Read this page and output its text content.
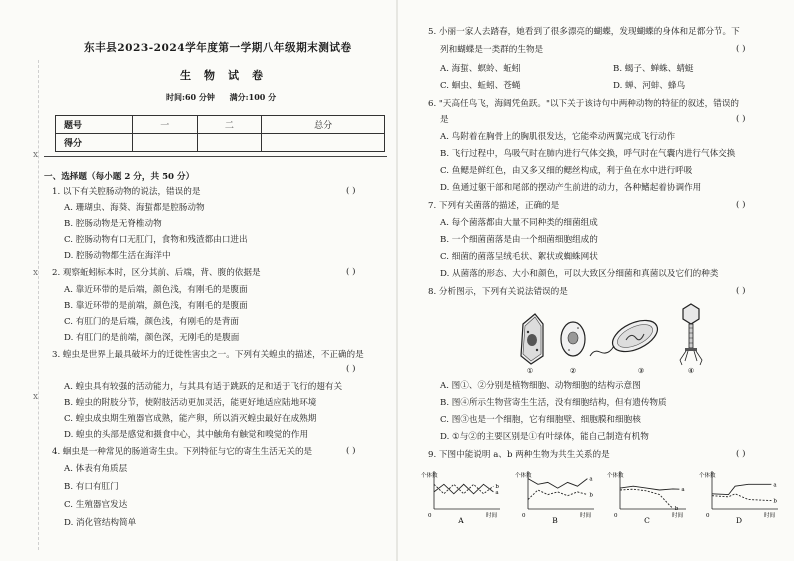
ⅹ
ⅹ
ⅹ
东丰县2023-2024学年度第一学期八年级期末测试卷
生物试卷
时间:60 分钟 满分:100 分
题号	一	二	总分
得分			
一、选择题（每小题 2 分，共 50 分）
1. 以下有关腔肠动物的说法，错误的是	( )
A. 珊瑚虫、海葵、海蜇都是腔肠动物
B. 腔肠动物是无脊椎动物
C. 腔肠动物有口无肛门，食物和残渣都由口进出
D. 腔肠动物都生活在海洋中
2. 观察蚯蚓标本时，区分其前、后端，背、腹的依据是	( )
A. 靠近环带的是后端，颜色浅，有刚毛的是腹面
B. 靠近环带的是前端，颜色浅，有刚毛的是腹面
C. 有肛门的是后端，颜色浅，有刚毛的是背面
D. 有肛门的是前端，颜色深，无刚毛的是腹面
3. 蝗虫是世界上最具破坏力的迁徙性害虫之一。下列有关蝗虫的描述，不正确的是
( )
A. 蝗虫具有较强的活动能力，与其具有适于跳跃的足和适于飞行的翅有关
B. 蝗虫的附肢分节，使附肢活动更加灵活，能更好地适应陆地环境
C. 蝗虫成虫期生殖器官成熟，能产卵，所以消灭蝗虫最好在成熟期
D. 蝗虫的头部是感觉和摄食中心，其中触角有触觉和嗅觉的作用
4. 蛔虫是一种常见的肠道寄生虫。下列特征与它的寄生生活无关的是	( )
A. 体表有角质层
B. 有口有肛门
C. 生殖器官发达
D. 消化管结构简单
5. 小丽一家人去踏春，她看到了很多漂亮的蝴蝶，发现蝴蝶的身体和足都分节。下
列和蝴蝶是一类群的生物是	( )
A. 海蜇、螟蛉、蚯蚓	B. 蝎子、蝉蛛、蜻蜓
C. 蛔虫、蚯蚓、苍蝇	D. 蝉、河蚌、蜂鸟
6. "天高任鸟飞，海阔凭鱼跃。"以下关于该诗句中两种动物的特征的叙述，错误的
是	( )
A. 鸟附着在胸骨上的胸肌很发达，它能牵动两翼完成飞行动作
B. 飞行过程中，鸟吸气时在肺内进行气体交换，呼气时在气囊内进行气体交换
C. 鱼鳃是鲜红色，由又多又细的鳃丝构成，利于鱼在水中进行呼吸
D. 鱼通过躯干部和尾部的摆动产生前进的动力，各种鳍起着协调作用
7. 下列有关菌落的描述，正确的是	( )
A. 每个菌落都由大量不同种类的细菌组成
B. 一个细菌菌落是由一个细菌细胞组成的
C. 细菌的菌落呈绒毛状、絮状或蜘蛛网状
D. 从菌落的形态、大小和颜色，可以大致区分细菌和真菌以及它们的种类
8. 分析图示，下列有关说法错误的是	( )
①	②	③	④
A. 图①、②分别是植物细胞、动物细胞的结构示意图
B. 图④所示生物营寄生生活，没有细胞结构，但有遗传物质
C. 图③也是一个细胞，它有细胞壁、细胞膜和细胞核
D. ①与②的主要区别是①有叶绿体，能自己制造有机物
9. 下图中能说明 a、b 两种生物为共生关系的是	( )
个体数
时间
0
a
b
A
个体数
时间
0
a
b
B
个体数
时间
0
a
b
C
个体数
时间
0
a
b
D
